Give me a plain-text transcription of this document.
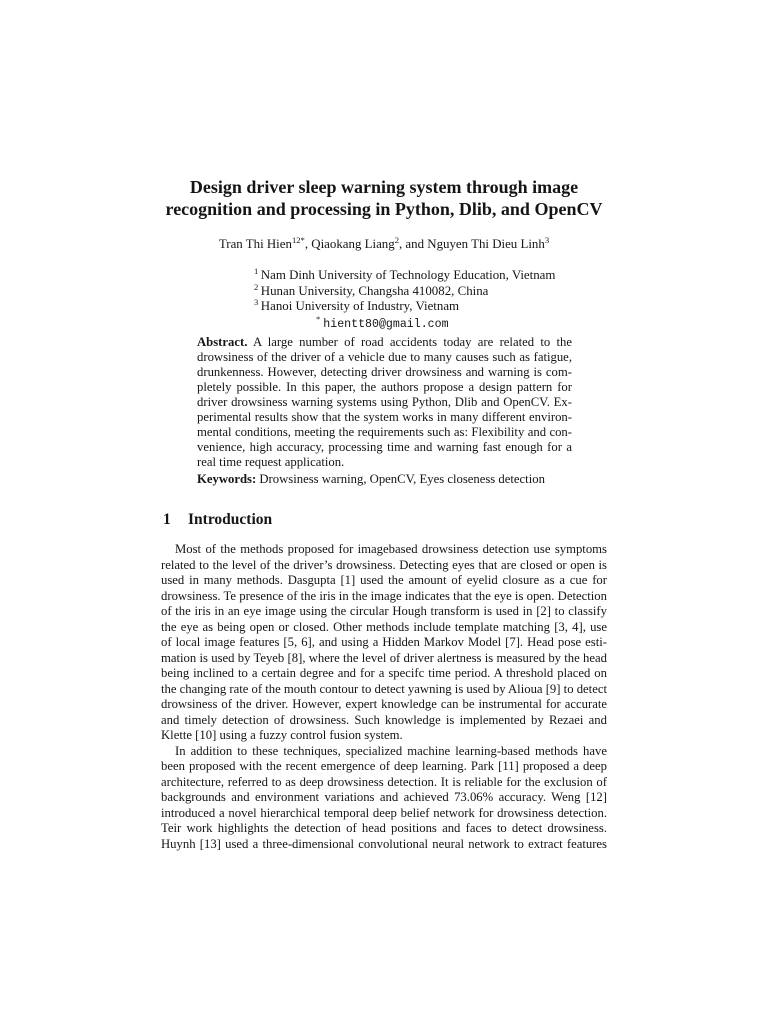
Design driver sleep warning system through image
recognition and processing in Python, Dlib, and OpenCV
Tran Thi Hien$^{12*}$, Qiaokang Liang$^2$, and Nguyen Thi Dieu Linh$^3$
$^1$ Nam Dinh University of Technology Education, Vietnam
$^2$ Hunan University, Changsha 410082, China
$^3$ Hanoi University of Industry, Vietnam
* hientt80@gmail.com
Abstract. A large number of road accidents today are related to the
drowsiness of the driver of a vehicle due to many causes such as fatigue,
drunkenness. However, detecting driver drowsiness and warning is com-
pletely possible. In this paper, the authors propose a design pattern for
driver drowsiness warning systems using Python, Dlib and OpenCV. Ex-
perimental results show that the system works in many different environ-
mental conditions, meeting the requirements such as: Flexibility and con-
venience, high accuracy, processing time and warning fast enough for a
real time request application.
Keywords: Drowsiness warning, OpenCV, Eyes closeness detection
1 Introduction
Most of the methods proposed for imagebased drowsiness detection use symptoms
related to the level of the driver’s drowsiness. Detecting eyes that are closed or open is
used in many methods. Dasgupta [1] used the amount of eyelid closure as a cue for
drowsiness. Te presence of the iris in the image indicates that the eye is open. Detection
of the iris in an eye image using the circular Hough transform is used in [2] to classify
the eye as being open or closed. Other methods include template matching [3, 4], use
of local image features [5, 6], and using a Hidden Markov Model [7]. Head pose esti-
mation is used by Teyeb [8], where the level of driver alertness is measured by the head
being inclined to a certain degree and for a specifc time period. A threshold placed on
the changing rate of the mouth contour to detect yawning is used by Alioua [9] to detect
drowsiness of the driver. However, expert knowledge can be instrumental for accurate
and timely detection of drowsiness. Such knowledge is implemented by Rezaei and
Klette [10] using a fuzzy control fusion system.
In addition to these techniques, specialized machine learning-based methods have
been proposed with the recent emergence of deep learning. Park [11] proposed a deep
architecture, referred to as deep drowsiness detection. It is reliable for the exclusion of
backgrounds and environment variations and achieved 73.06% accuracy. Weng [12]
introduced a novel hierarchical temporal deep belief network for drowsiness detection.
Teir work highlights the detection of head positions and faces to detect drowsiness.
Huynh [13] used a three-dimensional convolutional neural network to extract features
